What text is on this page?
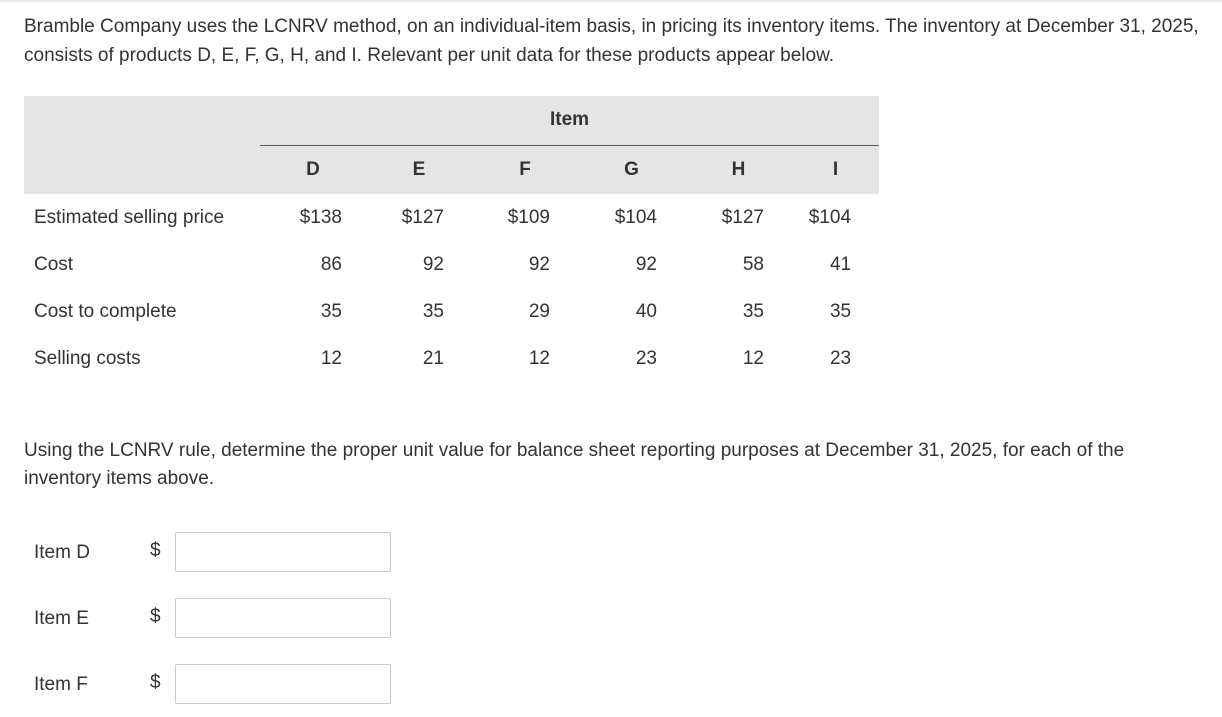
Bramble Company uses the LCNRV method, on an individual-item basis, in pricing its inventory items. The inventory at December 31, 2025, consists of products D, E, F, G, H, and I. Relevant per unit data for these products appear below.

	Item					
	D	E	F	G	H	I
Estimated selling price	$138	$127	$109	$104	$127	$104
Cost	86	92	92	92	58	41
Cost to complete	35	35	29	40	35	35
Selling costs	12	21	12	23	12	23

Using the LCNRV rule, determine the proper unit value for balance sheet reporting purposes at December 31, 2025, for each of the inventory items above.

Item D	$
Item E	$
Item F	$
